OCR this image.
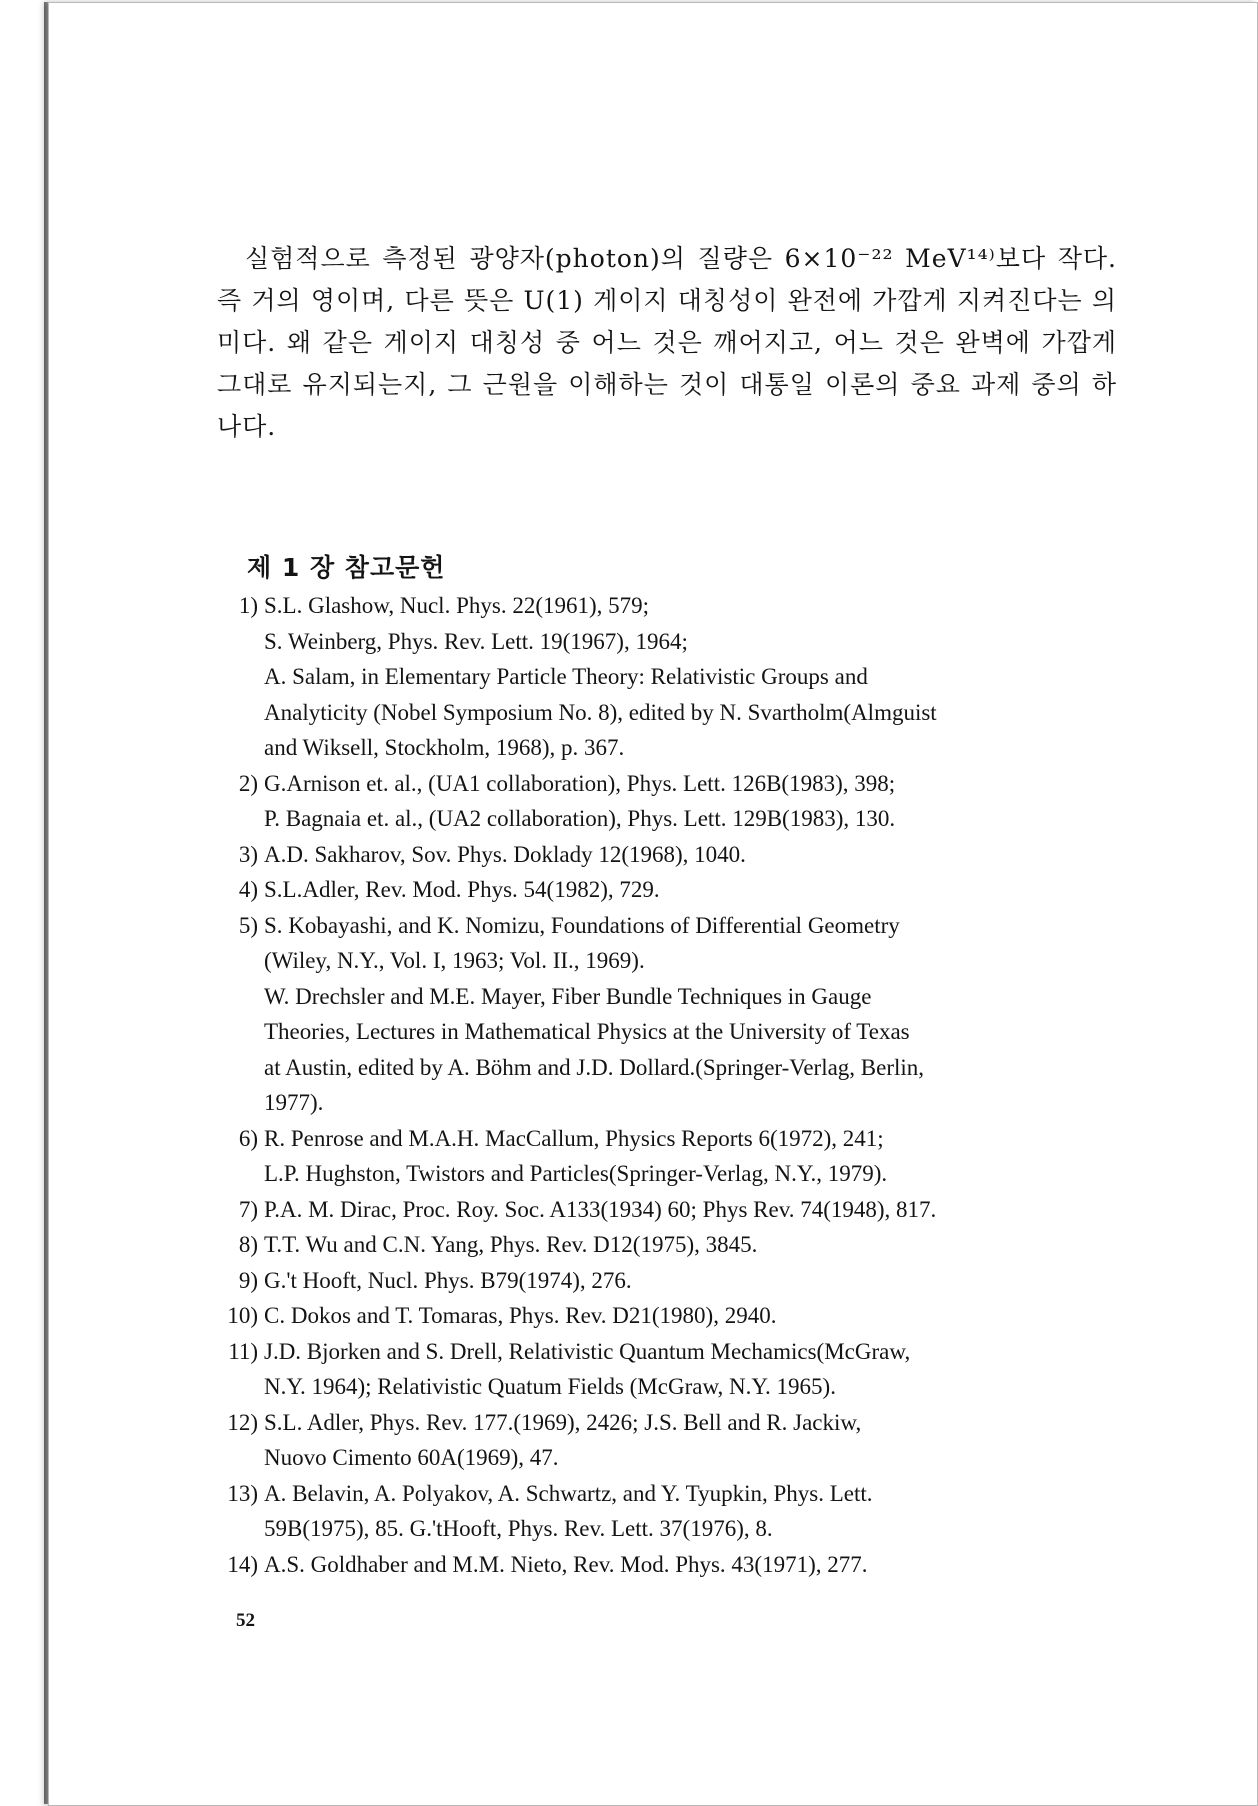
실험적으로 측정된 광양자(photon)의 질량은 6×10⁻²² MeV¹⁴⁾보다 작다. 즉 거의 영이며, 다른 뜻은 U(1) 게이지 대칭성이 완전에 가깝게 지켜진다는 의미다. 왜 같은 게이지 대칭성 중 어느 것은 깨어지고, 어느 것은 완벽에 가깝게 그대로 유지되는지, 그 근원을 이해하는 것이 대통일 이론의 중요 과제 중의 하나다.

제 1 장 참고문헌
1) S.L. Glashow, Nucl. Phys. 22(1961), 579;
S. Weinberg, Phys. Rev. Lett. 19(1967), 1964;
A. Salam, in Elementary Particle Theory: Relativistic Groups and
Analyticity (Nobel Symposium No. 8), edited by N. Svartholm(Almguist
and Wiksell, Stockholm, 1968), p. 367.
2) G.Arnison et. al., (UA1 collaboration), Phys. Lett. 126B(1983), 398;
P. Bagnaia et. al., (UA2 collaboration), Phys. Lett. 129B(1983), 130.
3) A.D. Sakharov, Sov. Phys. Doklady 12(1968), 1040.
4) S.L.Adler, Rev. Mod. Phys. 54(1982), 729.
5) S. Kobayashi, and K. Nomizu, Foundations of Differential Geometry
(Wiley, N.Y., Vol. I, 1963; Vol. II., 1969).
W. Drechsler and M.E. Mayer, Fiber Bundle Techniques in Gauge
Theories, Lectures in Mathematical Physics at the University of Texas
at Austin, edited by A. Böhm and J.D. Dollard.(Springer-Verlag, Berlin,
1977).
6) R. Penrose and M.A.H. MacCallum, Physics Reports 6(1972), 241;
L.P. Hughston, Twistors and Particles(Springer-Verlag, N.Y., 1979).
7) P.A. M. Dirac, Proc. Roy. Soc. A133(1934) 60; Phys Rev. 74(1948), 817.
8) T.T. Wu and C.N. Yang, Phys. Rev. D12(1975), 3845.
9) G.'t Hooft, Nucl. Phys. B79(1974), 276.
10) C. Dokos and T. Tomaras, Phys. Rev. D21(1980), 2940.
11) J.D. Bjorken and S. Drell, Relativistic Quantum Mechamics(McGraw,
N.Y. 1964); Relativistic Quatum Fields (McGraw, N.Y. 1965).
12) S.L. Adler, Phys. Rev. 177.(1969), 2426; J.S. Bell and R. Jackiw,
Nuovo Cimento 60A(1969), 47.
13) A. Belavin, A. Polyakov, A. Schwartz, and Y. Tyupkin, Phys. Lett.
59B(1975), 85. G.'tHooft, Phys. Rev. Lett. 37(1976), 8.
14) A.S. Goldhaber and M.M. Nieto, Rev. Mod. Phys. 43(1971), 277.
52
